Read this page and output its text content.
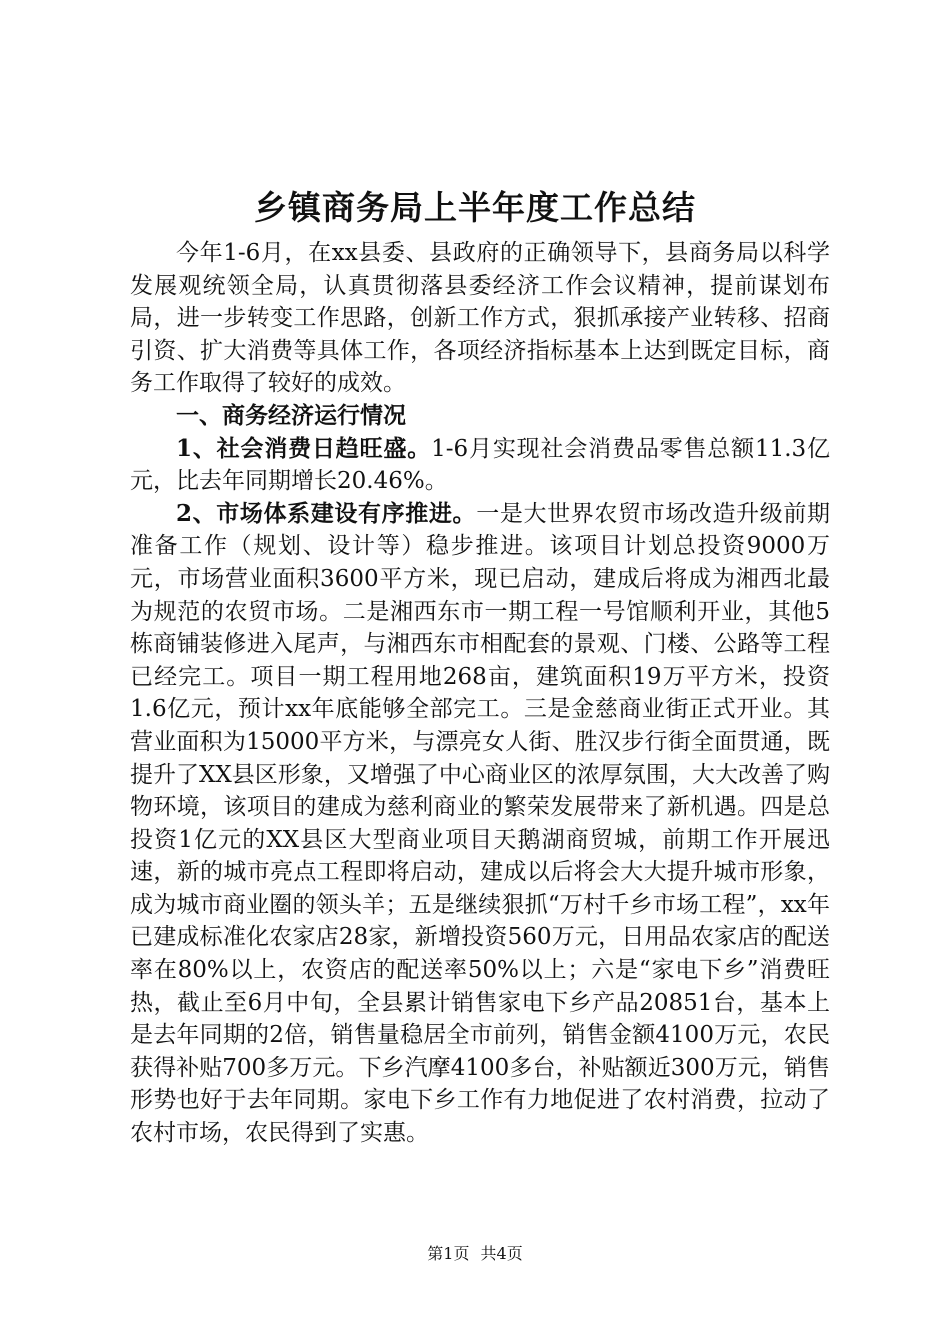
乡镇商务局上半年度工作总结

今年1-6月，在xx县委、县政府的正确领导下，县商务局以科学发展观统领全局，认真贯彻落县委经济工作会议精神，提前谋划布局，进一步转变工作思路，创新工作方式，狠抓承接产业转移、招商引资、扩大消费等具体工作，各项经济指标基本上达到既定目标，商务工作取得了较好的成效。

一、商务经济运行情况

1、社会消费日趋旺盛。1-6月实现社会消费品零售总额11.3亿元，比去年同期增长20.46%。

2、市场体系建设有序推进。一是大世界农贸市场改造升级前期准备工作（规划、设计等）稳步推进。该项目计划总投资9000万元，市场营业面积3600平方米，现已启动，建成后将成为湘西北最为规范的农贸市场。二是湘西东市一期工程一号馆顺利开业，其他5栋商铺装修进入尾声，与湘西东市相配套的景观、门楼、公路等工程已经完工。项目一期工程用地268亩，建筑面积19万平方米，投资1.6亿元，预计xx年底能够全部完工。三是金慈商业街正式开业。其营业面积为15000平方米，与漂亮女人街、胜汉步行街全面贯通，既提升了XX县区形象，又增强了中心商业区的浓厚氛围，大大改善了购物环境，该项目的建成为慈利商业的繁荣发展带来了新机遇。四是总投资1亿元的XX县区大型商业项目天鹅湖商贸城，前期工作开展迅速，新的城市亮点工程即将启动，建成以后将会大大提升城市形象，成为城市商业圈的领头羊；五是继续狠抓“万村千乡市场工程”，xx年已建成标准化农家店28家，新增投资560万元，日用品农家店的配送率在80%以上，农资店的配送率50%以上；六是“家电下乡”消费旺热，截止至6月中旬，全县累计销售家电下乡产品20851台，基本上是去年同期的2倍，销售量稳居全市前列，销售金额4100万元，农民获得补贴700多万元。下乡汽摩4100多台，补贴额近300万元，销售形势也好于去年同期。家电下乡工作有力地促进了农村消费，拉动了农村市场，农民得到了实惠。

第1页 共4页
